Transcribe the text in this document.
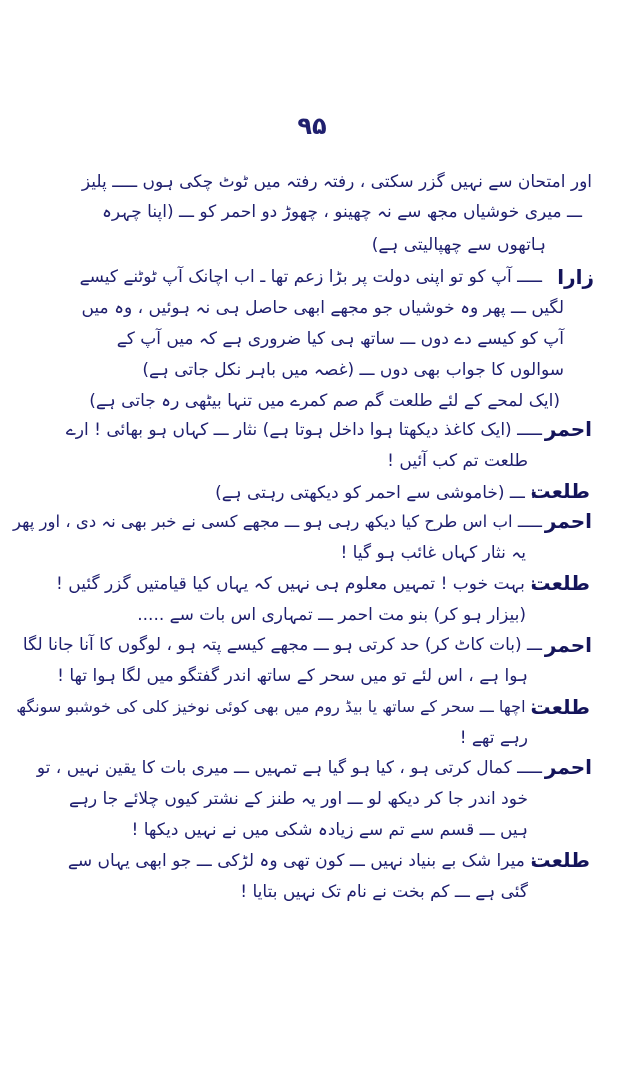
۹۵
اور امتحان سے نہیں گزر سکتی ، رفتہ رفتہ میں ٹوٹ چکی ہوں ـــــ پلیز
ـــ میری خوشیاں مجھ سے نہ چھینو ، چھوڑ دو احمر کو ـــ (اپنا چہرہ
ہاتھوں سے چھپالیتی ہے)
زارا
ـــــ آپ کو تو اپنی دولت پر بڑا زعم تھا ـ اب اچانک آپ ٹوٹنے کیسے
لگیں ـــ پھر وہ خوشیاں جو مجھے ابھی حاصل ہی نہ ہوئیں ، وہ میں
آپ کو کیسے دے دوں ـــ ساتھ ہی کیا ضروری ہے کہ میں آپ کے
سوالوں کا جواب بھی دوں ـــ (غصہ میں باہر نکل جاتی ہے)
(ایک لمحے کے لئے طلعت گم صم کمرے میں تنہا بیٹھی رہ جاتی ہے)
احمر
ـــــ (ایک کاغذ دیکھتا ہوا داخل ہوتا ہے) نثار ـــ کہاں ہو بھائی ! ارے
طلعت تم کب آئیں !
طلعت
: ـــ (خاموشی سے احمر کو دیکھتی رہتی ہے)
احمر
ـــــ اب اس طرح کیا دیکھ رہی ہو ـــ مجھے کسی نے خبر بھی نہ دی ، اور پھر
یہ نثار کہاں غائب ہو گیا !
طلعت
: بہت خوب ! تمہیں معلوم ہی نہیں کہ یہاں کیا قیامتیں گزر گئیں !
(بیزار ہو کر) بنو مت احمر ـــ تمہاری اس بات سے .....
احمر
ـــ (بات کاٹ کر) حد کرتی ہو ـــ مجھے کیسے پتہ ہو ، لوگوں کا آنا جانا لگا
ہوا ہے ، اس لئے تو میں سحر کے ساتھ اندر گفتگو میں لگا ہوا تھا !
طلعت
: اچھا ـــ سحر کے ساتھ یا بیڈ روم میں بھی کوئی نوخیز کلی کی خوشبو سونگھ
رہے تھے !
احمر
ـــــ کمال کرتی ہو ، کیا ہو گیا ہے تمہیں ـــ میری بات کا یقین نہیں ، تو
خود اندر جا کر دیکھ لو ـــ اور یہ طنز کے نشتر کیوں چلائے جا رہے
ہیں ـــ قسم سے تم سے زیادہ شکی میں نے نہیں دیکھا !
طلعت
: میرا شک بے بنیاد نہیں ـــ کون تھی وہ لڑکی ـــ جو ابھی یہاں سے
گئی ہے ـــ کم بخت نے نام تک نہیں بتایا !
